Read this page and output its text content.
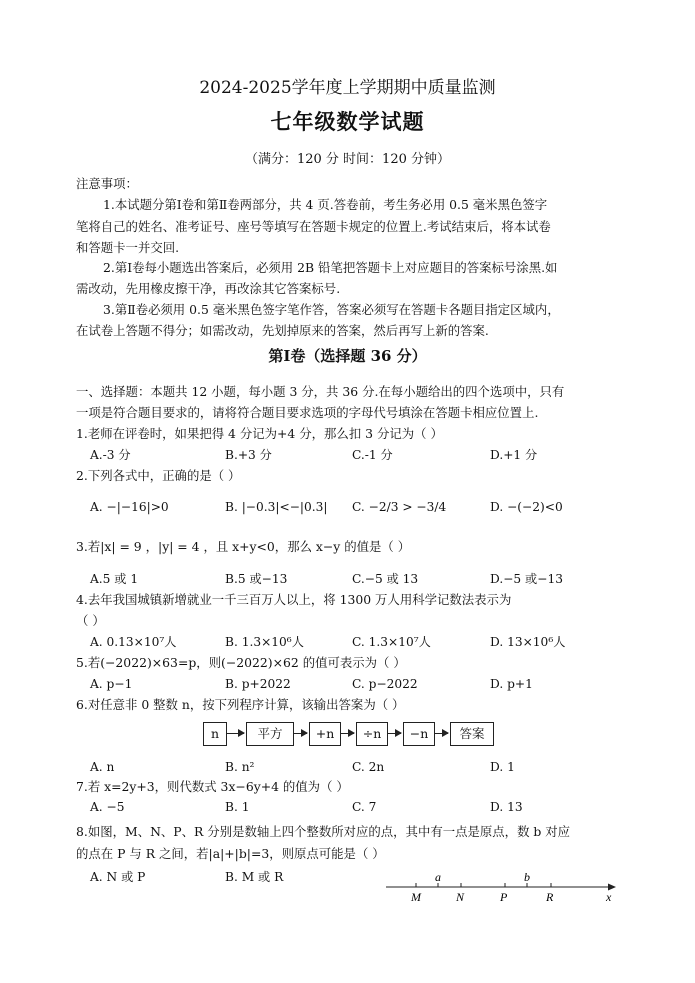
2024-2025学年度上学期期中质量监测
七年级数学试题
（满分：120 分 时间：120 分钟）
注意事项：
1.本试题分第Ⅰ卷和第Ⅱ卷两部分，共 4 页.答卷前，考生务必用 0.5 毫米黑色签字
笔将自己的姓名、准考证号、座号等填写在答题卡规定的位置上.考试结束后，将本试卷
和答题卡一并交回.
2.第Ⅰ卷每小题选出答案后，必须用 2B 铅笔把答题卡上对应题目的答案标号涂黑.如
需改动，先用橡皮擦干净，再改涂其它答案标号.
3.第Ⅱ卷必须用 0.5 毫米黑色签字笔作答，答案必须写在答题卡各题目指定区域内，
在试卷上答题不得分；如需改动，先划掉原来的答案，然后再写上新的答案.
第Ⅰ卷（选择题 36 分）
一、选择题：本题共 12 小题，每小题 3 分，共 36 分.在每小题给出的四个选项中，只有
一项是符合题目要求的，请将符合题目要求选项的字母代号填涂在答题卡相应位置上.
1.老师在评卷时，如果把得 4 分记为+4 分，那么扣 3 分记为（ ）
A.-3 分	B.+3 分	C.-1 分	D.+1 分
2.下列各式中，正确的是（ ）
A. −|−16|>0	B. |−0.3|<−|0.3| C. −2/3 > −3/4	D. −(−2)<0
3.若|x| = 9 ，|y| = 4 ，且 x+y<0，那么 x−y 的值是（ ）
A.5 或 1	B.5 或−13	C.−5 或 13	D.−5 或−13
4.去年我国城镇新增就业一千三百万人以上，将 1300 万人用科学记数法表示为
（ ）
A. 0.13×10⁷人	B. 1.3×10⁶人	C. 1.3×10⁷人	D. 13×10⁶人
5.若(−2022)×63=p，则(−2022)×62 的值可表示为（ ）
A. p−1	B. p+2022	C. p−2022	D. p+1
6.对任意非 0 整数 n，按下列程序计算，该输出答案为（ ）
n	平方	+n	÷n	−n	答案
A. n	B. n²	C. 2n	D. 1
7.若 x=2y+3，则代数式 3x−6y+4 的值为（ ）
A. −5	B. 1	C. 7	D. 13
8.如图，M、N、P、R 分别是数轴上四个整数所对应的点，其中有一点是原点，数 b 对应
的点在 P 与 R 之间，若|a|+|b|=3，则原点可能是（ ）
A. N 或 P	B. M 或 R	a	b
M	N	P	R	x
